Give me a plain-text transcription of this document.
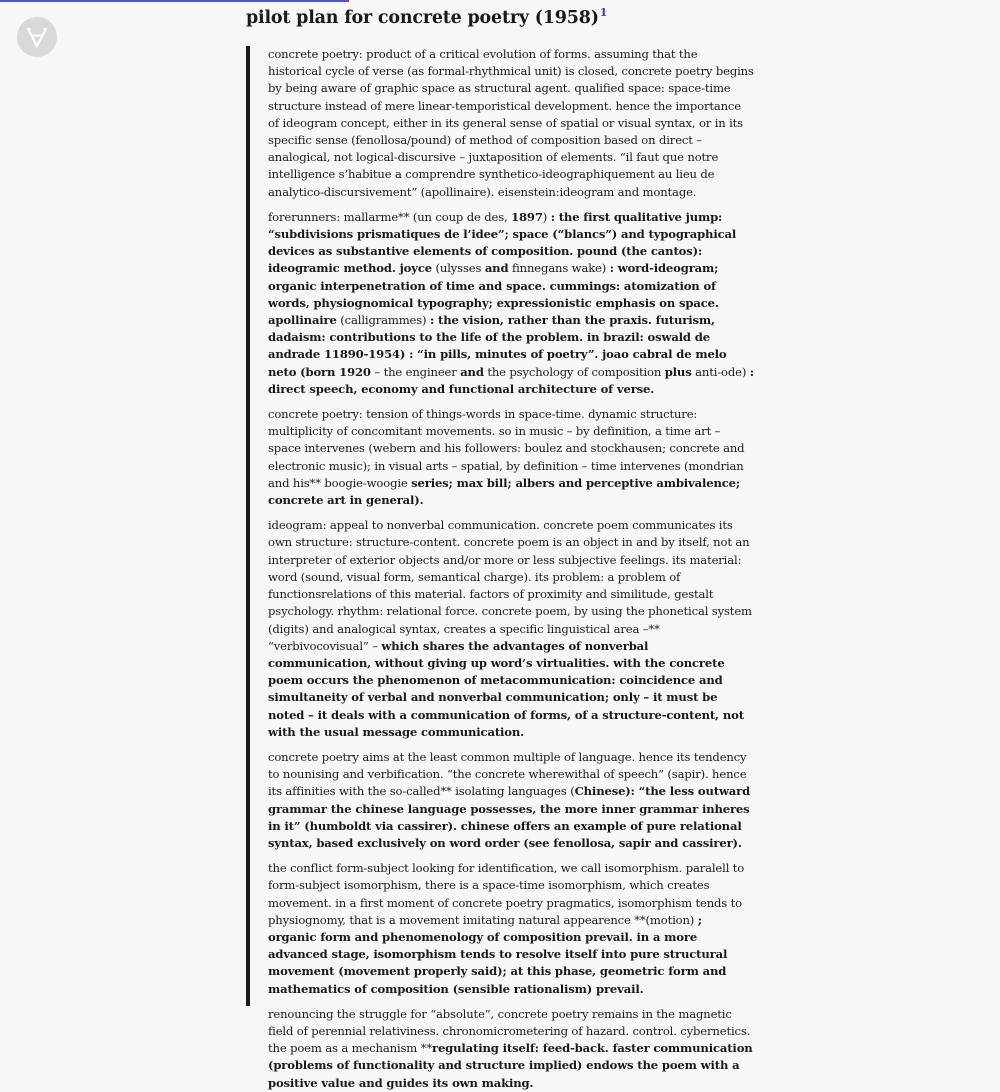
pilot plan for concrete poetry $(1958)^1$

concrete poetry: product of a critical evolution of forms. assuming that the historical cycle of verse (as formal-rhythmical unit) is closed, concrete poetry begins by being aware of graphic space as structural agent. qualified space: space-time structure instead of mere linear-temporistical development. hence the importance of ideogram concept, either in its general sense of spatial or visual syntax, or in its specific sense (fenollosa/pound) of method of composition based on direct – analogical, not logical-discursive – juxtaposition of elements. “il faut que notre intelligence s’habitue a comprendre synthetico-ideographiquement au lieu de analytico-discursivement” (apollinaire). eisenstein:ideogram and montage.

forerunners: mallarme** (un coup de des, 1897) : the first qualitative jump: “subdivisions prismatiques de l’idee”; space (“blancs”) and typographical devices as substantive elements of composition. pound (the cantos): ideogramic method. joyce (ulysses and finnegans wake) : word-ideogram; organic interpenetration of time and space. cummings: atomization of words, physiognomical typography; expressionistic emphasis on space. apollinaire (calligrammes) : the vision, rather than the praxis. futurism, dadaism: contributions to the life of the problem. in brazil: oswald de andrade 11890-1954) : “in pills, minutes of poetry”. joao cabral de melo neto (born 1920 – the engineer and the psychology of composition plus anti-ode) : direct speech, economy and functional architecture of verse.

concrete poetry: tension of things-words in space-time. dynamic structure: multiplicity of concomitant movements. so in music – by definition, a time art – space intervenes (webern and his followers: boulez and stockhausen; concrete and electronic music); in visual arts – spatial, by definition – time intervenes (mondrian and his** boogie-woogie series; max bill; albers and perceptive ambivalence; concrete art in general).

ideogram: appeal to nonverbal communication. concrete poem communicates its own structure: structure-content. concrete poem is an object in and by itself, not an interpreter of exterior objects and/or more or less subjective feelings. its material: word (sound, visual form, semantical charge). its problem: a problem of functionsrelations of this material. factors of proximity and similitude, gestalt psychology. rhythm: relational force. concrete poem, by using the phonetical system (digits) and analogical syntax, creates a specific linguistical area –** “verbivocovisual” – which shares the advantages of nonverbal communication, without giving up word’s virtualities. with the concrete poem occurs the phenomenon of metacommunication: coincidence and simultaneity of verbal and nonverbal communication; only – it must be noted – it deals with a communication of forms, of a structure-content, not with the usual message communication.

concrete poetry aims at the least common multiple of language. hence its tendency to nounising and verbification. “the concrete wherewithal of speech” (sapir). hence its affinities with the so-called** isolating languages (Chinese): “the less outward grammar the chinese language possesses, the more inner grammar inheres in it” (humboldt via cassirer). chinese offers an example of pure relational syntax, based exclusively on word order (see fenollosa, sapir and cassirer).

the conflict form-subject looking for identification, we call isomorphism. paralell to form-subject isomorphism, there is a space-time isomorphism, which creates movement. in a first moment of concrete poetry pragmatics, isomorphism tends to physiognomy, that is a movement imitating natural appearence **(motion) ; organic form and phenomenology of composition prevail. in a more advanced stage, isomorphism tends to resolve itself into pure structural movement (movement properly said); at this phase, geometric form and mathematics of composition (sensible rationalism) prevail.

renouncing the struggle for “absolute”, concrete poetry remains in the magnetic field of perennial relativiness. chronomicrometering of hazard. control. cybernetics. the poem as a mechanism **regulating itself: feed-back. faster communication (problems of functionality and structure implied) endows the poem with a positive value and guides its own making.
